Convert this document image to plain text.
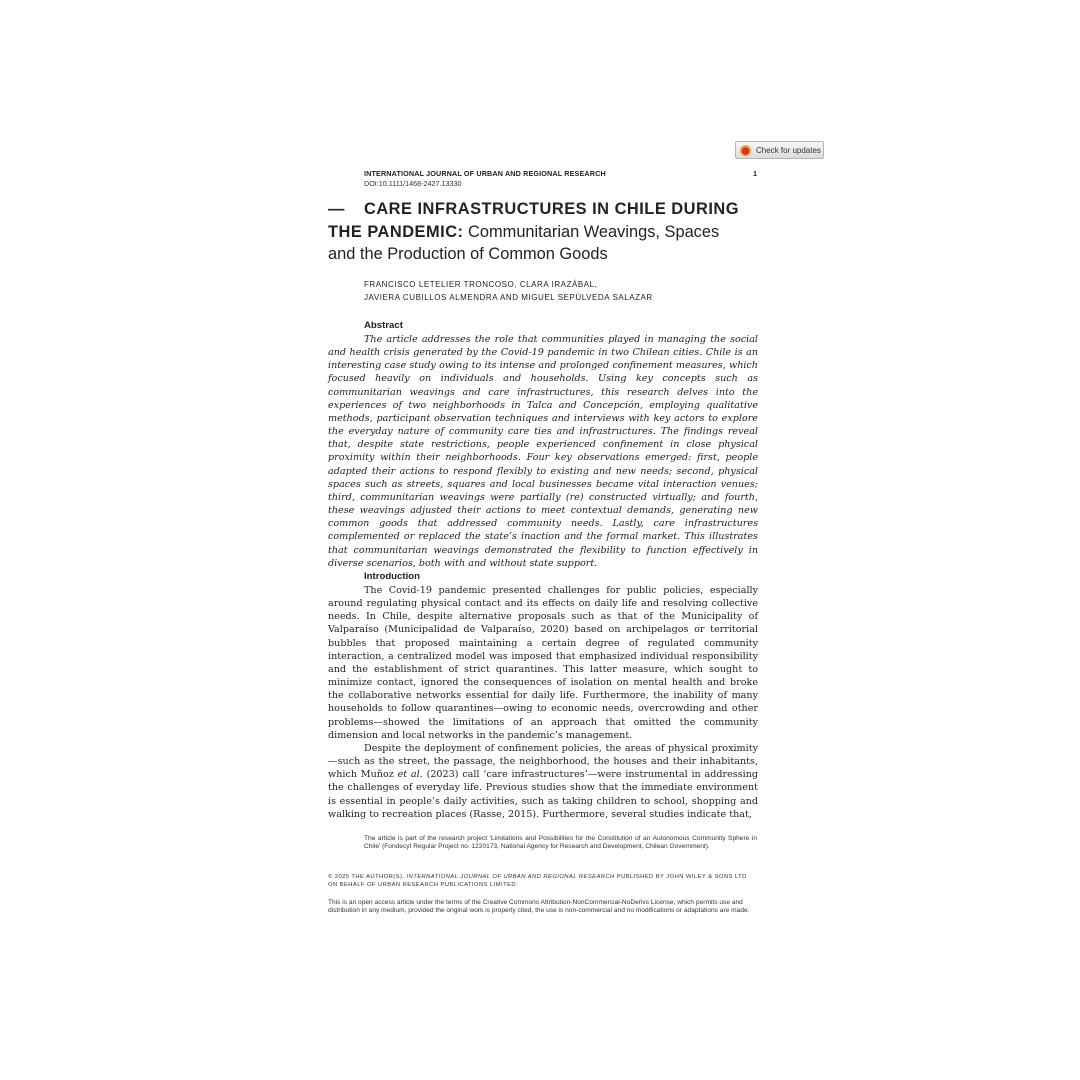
Check for updates
INTERNATIONAL JOURNAL OF URBAN AND REGIONAL RESEARCH
DOI:10.1111/1468-2427.13330
1
— CARE INFRASTRUCTURES IN CHILE DURING
THE PANDEMIC: Communitarian Weavings, Spaces
and the Production of Common Goods
FRANCISCO LETELIER TRONCOSO, CLARA IRAZÁBAL,
JAVIERA CUBILLOS ALMENDRA AND MIGUEL SEPÚLVEDA SALAZAR
Abstract

The article addresses the role that communities played in managing the social and health crisis generated by the Covid-19 pandemic in two Chilean cities. Chile is an interesting case study owing to its intense and prolonged confinement measures, which focused heavily on individuals and households. Using key concepts such as communitarian weavings and care infrastructures, this research delves into the experiences of two neighborhoods in Talca and Concepción, employing qualitative methods, participant observation techniques and interviews with key actors to explore the everyday nature of community care ties and infrastructures. The findings reveal that, despite state restrictions, people experienced confinement in close physical proximity within their neighborhoods. Four key observations emerged: first, people adapted their actions to respond flexibly to existing and new needs; second, physical spaces such as streets, squares and local businesses became vital interaction venues; third, communitarian weavings were partially (re) constructed virtually; and fourth, these weavings adjusted their actions to meet contextual demands, generating new common goods that addressed community needs. Lastly, care infrastructures complemented or replaced the state’s inaction and the formal market. This illustrates that communitarian weavings demonstrated the flexibility to function effectively in diverse scenarios, both with and without state support.

Introduction

The Covid-19 pandemic presented challenges for public policies, especially around regulating physical contact and its effects on daily life and resolving collective needs. In Chile, despite alternative proposals such as that of the Municipality of Valparaíso (Municipalidad de Valparaíso, 2020) based on archipelagos or territorial bubbles that proposed maintaining a certain degree of regulated community interaction, a centralized model was imposed that emphasized individual responsibility and the establishment of strict quarantines. This latter measure, which sought to minimize contact, ignored the consequences of isolation on mental health and broke the collaborative networks essential for daily life. Furthermore, the inability of many households to follow quarantines—owing to economic needs, overcrowding and other problems—showed the limitations of an approach that omitted the community dimension and local networks in the pandemic’s management.

Despite the deployment of confinement policies, the areas of physical proximity—such as the street, the passage, the neighborhood, the houses and their inhabitants, which Muñoz et al. (2023) call ‘care infrastructures’—were instrumental in addressing the challenges of everyday life. Previous studies show that the immediate environment is essential in people’s daily activities, such as taking children to school, shopping and walking to recreation places (Rasse, 2015). Furthermore, several studies indicate that,

The article is part of the research project ‘Limitations and Possibilities for the Constitution of an Autonomous Community Sphere in Chile’ (Fondecyt Regular Project no. 1220173, National Agency for Research and Development, Chilean Government).
© 2025 THE AUTHOR(S). INTERNATIONAL JOURNAL OF URBAN AND REGIONAL RESEARCH PUBLISHED BY JOHN WILEY & SONS LTD ON BEHALF OF URBAN RESEARCH PUBLICATIONS LIMITED.
This is an open access article under the terms of the Creative Commons Attribution-NonCommercial-NoDerivs License, which permits use and distribution in any medium, provided the original work is properly cited, the use is non-commercial and no modifications or adaptations are made.
